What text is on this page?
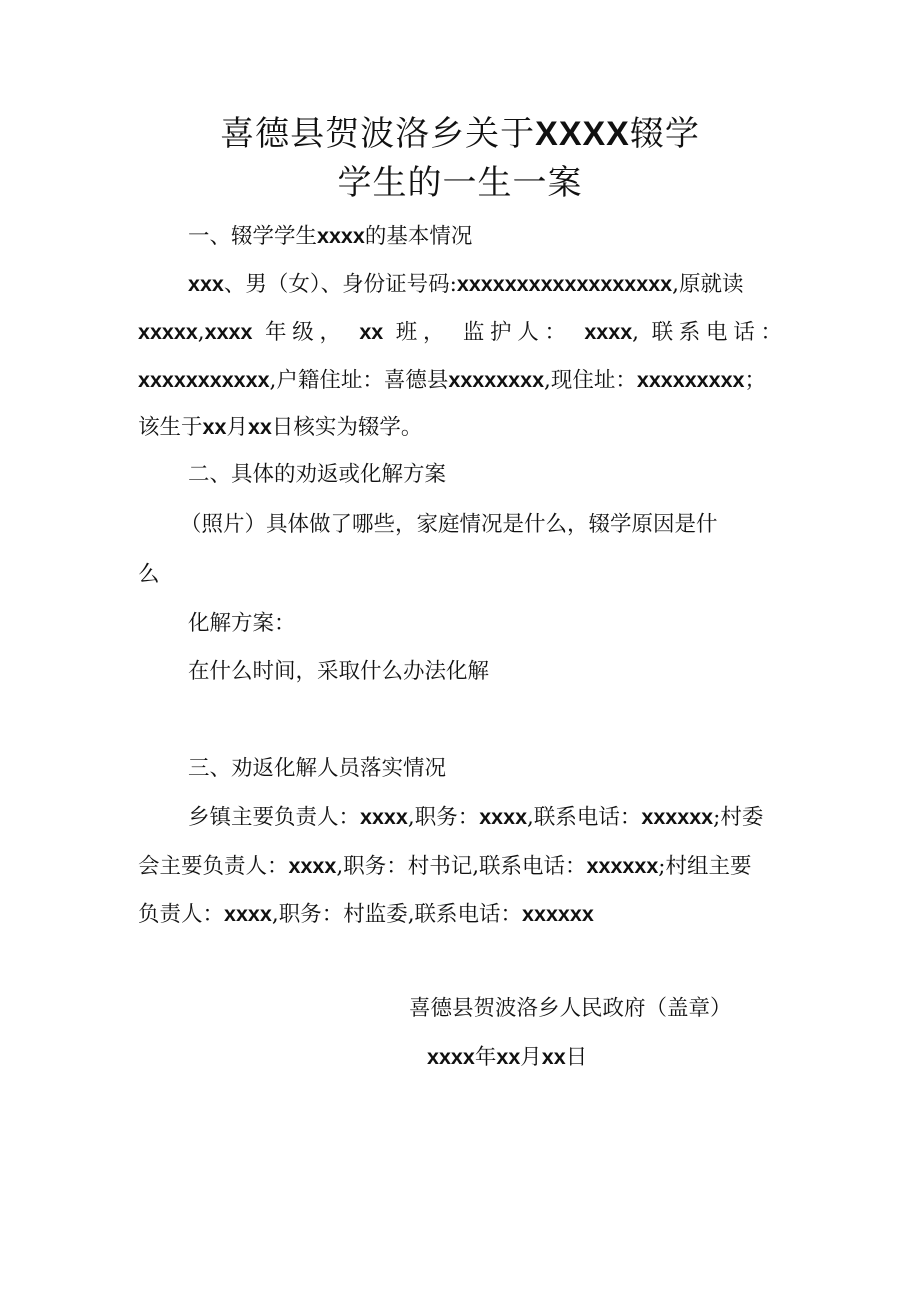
喜德县贺波洛乡关于XXXX辍学
学生的一生一案
一、辍学学生xxxx的基本情况
xxx、男（女）、身份证号码:xxxxxxxxxxxxxxxxxx,原就读
xxxxx,xxxx 年级， xx 班， 监护人： xxxx, 联系电话：
xxxxxxxxxxx,户籍住址：喜德县xxxxxxxx,现住址：xxxxxxxxx；
该生于xx月xx日核实为辍学。
二、具体的劝返或化解方案
（照片）具体做了哪些，家庭情况是什么，辍学原因是什
么
化解方案：
在什么时间，采取什么办法化解
三、劝返化解人员落实情况
乡镇主要负责人：xxxx,职务：xxxx,联系电话：xxxxxx;村委
会主要负责人：xxxx,职务：村书记,联系电话：xxxxxx;村组主要
负责人：xxxx,职务：村监委,联系电话：xxxxxx
喜德县贺波洛乡人民政府（盖章）
xxxx年xx月xx日
